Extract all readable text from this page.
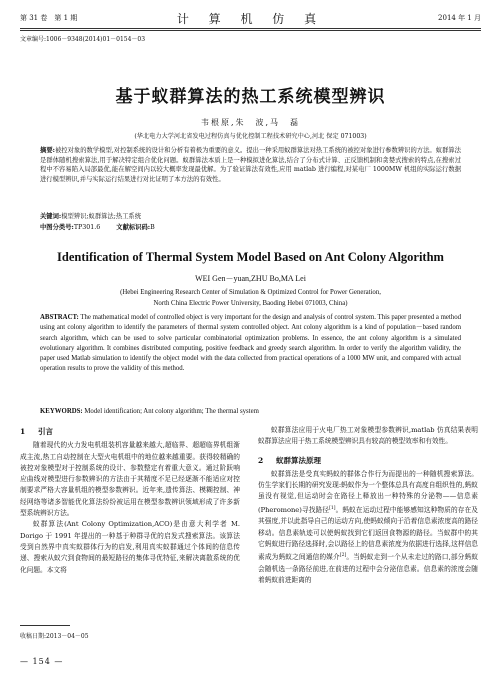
第 31 卷　第 1 期	计 算 机 仿 真	2014 年 1 月
文章编号:1006－9348(2014)01－0154－03
基于蚁群算法的热工系统模型辨识
韦根原,朱　波,马　磊
(华北电力大学河北省发电过程仿真与优化控制工程技术研究中心,河北 保定 071003)
摘要:被控对象的数学模型,对控制系统的设计和分析有着极为重要的意义。提出一种采用蚁群算法对热工系统的被控对象进行参数辨识的方法。蚁群算法是群体随机搜索算法,用于解决特定组合优化问题。蚁群算法本质上是一种模拟进化算法,结合了分布式计算、正反馈机制和贪婪式搜索的特点,在搜索过程中不容易陷入局部最优,能在解空间内以较大概率发现最优解。为了验证算法有效性,应用 matlab 进行编程,对某电厂 1000MW 机组的实际运行数据进行模型辨识,并与实际运行结果进行对比证明了本方法的有效性。
关键词:模型辨识;蚁群算法;热工系统
中图分类号:TP301.6	文献标识码:B
Identification of Thermal System Model Based on Ant Colony Algorithm
WEI Gen－yuan,ZHU Bo,MA Lei
(Hebei Engineering Research Center of Simulation & Optimized Control for Power Generation,
North China Electric Power University, Baoding Hebei 071003, China)
ABSTRACT: The mathematical model of controlled object is very important for the design and analysis of control system. This paper presented a method using ant colony algorithm to identify the parameters of thermal system controlled object. Ant colony algorithm is a kind of population－based random search algorithm, which can be used to solve particular combinatorial optimization problems. In essence, the ant colony algorithm is a simulated evolutionary algorithm. It combines distributed computing, positive feedback and greedy search algorithm. In order to verify the algorithm validity, the paper used Matlab simulation to identify the object model with the data collected from practical operations of a 1000 MW unit, and compared with actual operation results to prove the validity of this method.
KEYWORDS: Model identification; Ant colony algorithm; The thermal system
1 引言

随着现代的火力发电机组装机容量越来越大,超临界、超超临界机组渐成主流,热工自动控制在大型火电机组中的地位越来越重要。获得较精确的被控对象模型对于控制系统的设计、参数整定有着重大意义。通过阶跃响应曲线对模型进行参数辨识的方法由于其精度不足已经逐渐不能适应对控制要求严格大容量机组的模型参数辨识。近年来,遗传算法、模糊控制、神经网络等诸多智能优化算法纷纷被运用在模型参数辨识领域形成了许多新型系统辨识方法。

蚁群算法(Ant Colony Optimization,ACO)是由意大利学者 M. Dorigo 于 1991 年提出的一种基于种群寻优的启发式搜索算法。该算法受到自然界中真实蚁群体行为的启发,利用真实蚁群通过个体间的信息传递、搜索从蚁穴到食物间的最短路径的集体寻优特征,来解决离散系统的优化问题。本文将

蚁群算法应用于火电厂热工对象模型参数辨识,matlab 仿真结果表明蚁群算法应用于热工系统模型辨识具有较高的模型效率和有效性。

2 蚁群算法原理

蚁群算法是受真实蚂蚁的群体合作行为而提出的一种随机搜索算法。仿生学家们长期的研究发现:蚂蚁作为一个整体总具有高度自组织性的,蚂蚁虽没有视觉,但运动时会在路径上释放出一种特殊的分泌物——信息素(Pheromone)寻找路径[1]。蚂蚁在运动过程中能够感知这种物质的存在及其强度,并以此指导自己的运动方向,使蚂蚁倾向于沿着信息素浓度高的路径移动。信息素轨迹可以使蚂蚁找到它们返回食物源的路径。当蚁群中的其它蚂蚁进行路径选择时,会以路径上的信息素浓度为依据进行选择,这样信息素成为蚂蚁之间通信的媒介[2]。当蚂蚁走到一个从未走过的路口,部分蚂蚁会随机选一条路径前进,在前进的过程中会分泌信息素。信息素的浓度会随着蚂蚁前进距离的

收稿日期:2013－04－05
— 154 —
